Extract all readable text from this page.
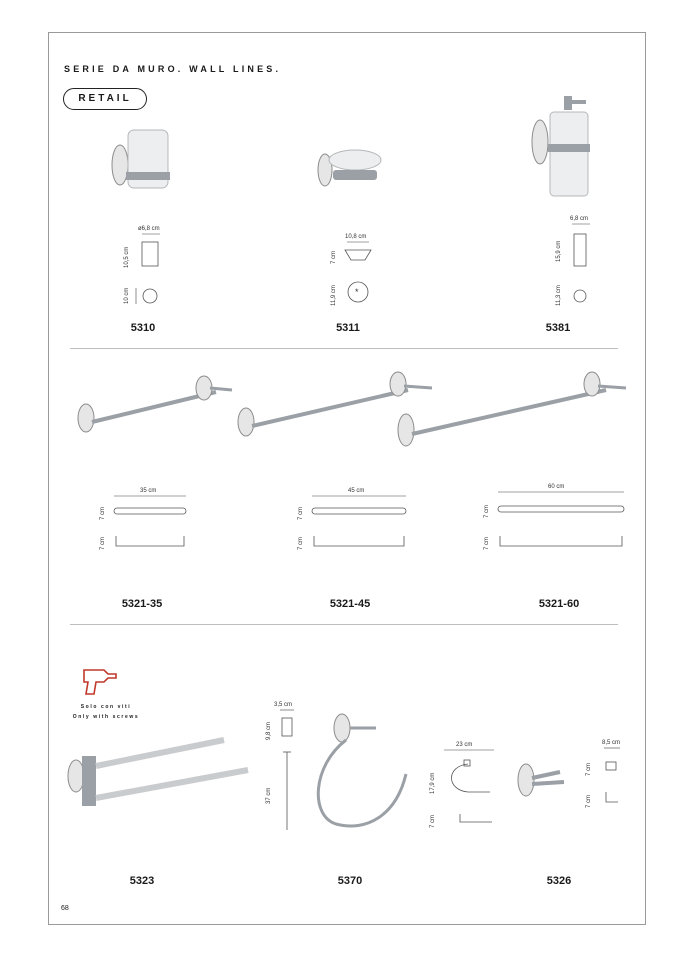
SERIE DA MURO. WALL LINES.
RETAIL
ø6,8 cm
10,5 cm
10 cm
5310
10,8 cm
7 cm
11,9 cm *
5311
6,8 cm
15,9 cm
11,3 cm
5381
35 cm
7 cm
7 cm
45 cm
7 cm
7 cm
60 cm
7 cm
7 cm
5321-35	5321-45	5321-60
Solo con viti
Only with screws
5323
3,5 cm
9,8 cm
37 cm
5370
23 cm
17,9 cm
7 cm
8,5 cm
7 cm
7 cm
5326
68
